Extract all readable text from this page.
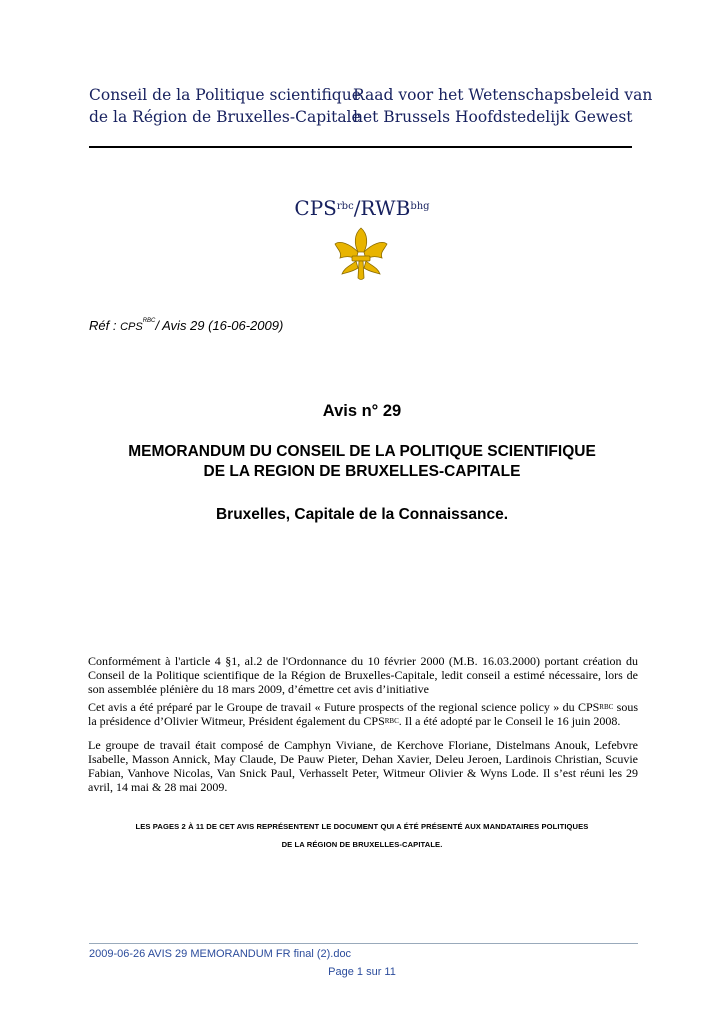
Conseil de la Politique scientifique
de la Région de Bruxelles-Capitale
Raad voor het Wetenschapsbeleid van
het Brussels Hoofdstedelijk Gewest
$CPS^{rbc}/RWB^{bhg}$
Réf : $CPS^{RBC}/$ Avis 29 (16-06-2009)
Avis n° 29
MEMORANDUM DU CONSEIL DE LA POLITIQUE SCIENTIFIQUE
DE LA REGION DE BRUXELLES-CAPITALE
Bruxelles, Capitale de la Connaissance.
Conformément à l'article 4 §1, al.2 de l'Ordonnance du 10 février 2000 (M.B. 16.03.2000) portant création du Conseil de la Politique scientifique de la Région de Bruxelles-Capitale, ledit conseil a estimé nécessaire, lors de son assemblée plénière du 18 mars 2009, d’émettre cet avis d’initiative
Cet avis a été préparé par le Groupe de travail « Future prospects of the regional science policy » du $CPS^{RBC}$ sous la présidence d’Olivier Witmeur, Président également du $CPS^{RBC}$. Il a été adopté par le Conseil le 16 juin 2008.
Le groupe de travail était composé de Camphyn Viviane, de Kerchove Floriane, Distelmans Anouk, Lefebvre Isabelle, Masson Annick, May Claude, De Pauw Pieter, Dehan Xavier, Deleu Jeroen, Lardinois Christian, Scuvie Fabian, Vanhove Nicolas, Van Snick Paul, Verhasselt Peter, Witmeur Olivier & Wyns Lode. Il s’est réuni les 29 avril, 14 mai & 28 mai 2009.
LES PAGES 2 À 11 DE CET AVIS REPRÉSENTENT LE DOCUMENT QUI A ÉTÉ PRÉSENTÉ AUX MANDATAIRES POLITIQUES
DE LA RÉGION DE BRUXELLES-CAPITALE.
2009-06-26 AVIS 29 MEMORANDUM FR final (2).doc
Page 1 sur 11
